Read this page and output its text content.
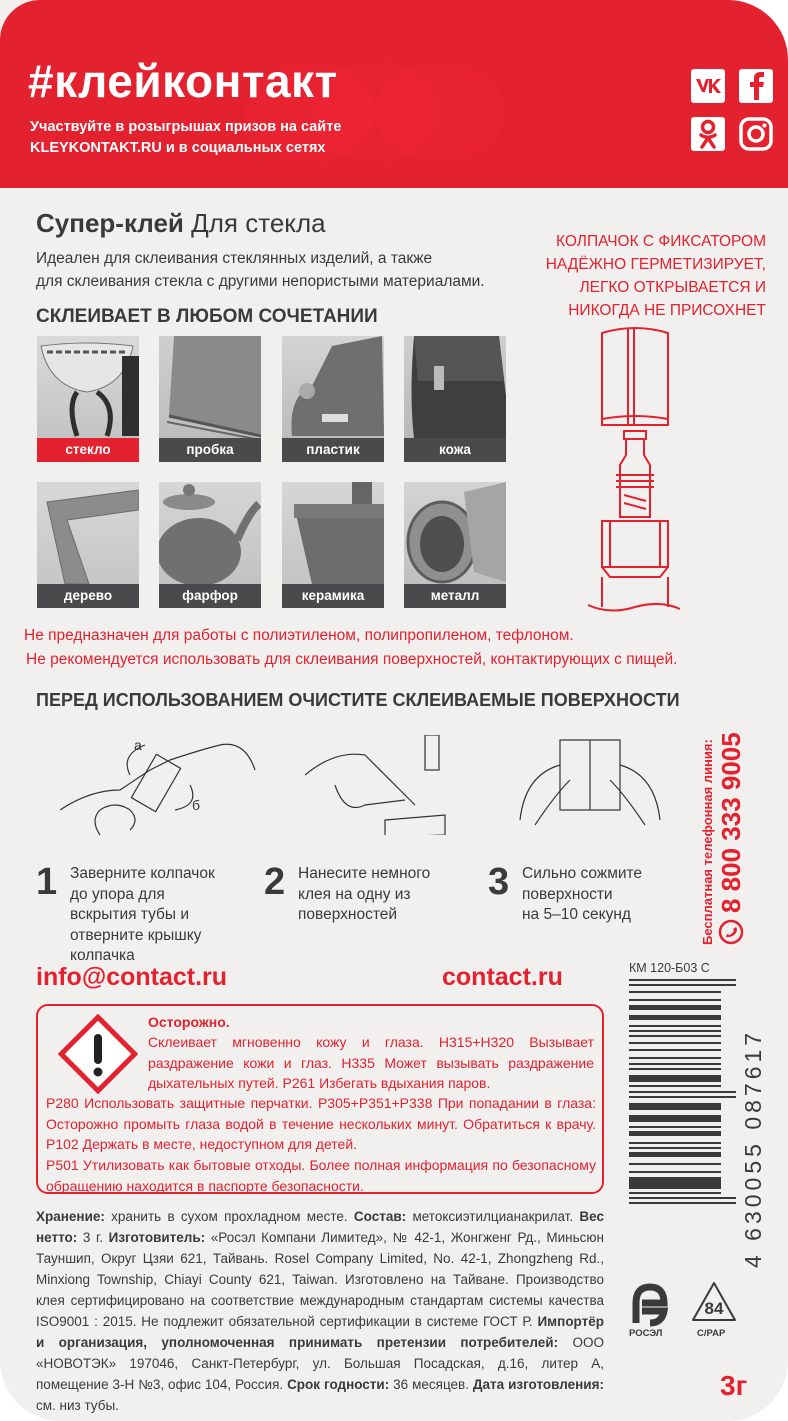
#клейконтакт
Участвуйте в розыгрышах призов на сайте
KLEYKONTAKT.RU и в социальных сетях
Супер-клей Для стекла
Идеален для склеивания стеклянных изделий, а также
для склеивания стекла с другими непористыми материалами.
КОЛПАЧОК С ФИКСАТОРОМ
НАДЁЖНО ГЕРМЕТИЗИРУЕТ,
ЛЕГКО ОТКРЫВАЕТСЯ И
НИКОГДА НЕ ПРИСОХНЕТ
СКЛЕИВАЕТ В ЛЮБОМ СОЧЕТАНИИ
стекло	пробка	пластик	кожа
дерево	фарфор	керамика	металл
Не предназначен для работы с полиэтиленом, полипропиленом, тефлоном.
Не рекомендуется использовать для склеивания поверхностей, контактирующих с пищей.
ПЕРЕД ИСПОЛЬЗОВАНИЕМ ОЧИСТИТЕ СКЛЕИВАЕМЫЕ ПОВЕРХНОСТИ
Бесплатная телефонная линия: 8 800 333 9005
а
б
1 Заверните колпачок
до упора для
вскрытия тубы и
отверните крышку
колпачка
2 Нанесите немного
клея на одну из
поверхностей
3 Сильно сожмите
поверхности
на 5–10 секунд
info@contact.ru	contact.ru
Осторожно.
Склеивает мгновенно кожу и глаза. H315+H320 Вызывает раздражение кожи и глаз. H335 Может вызывать раздражение дыхательных путей. P261 Избегать вдыхания паров.
P280 Использовать защитные перчатки. P305+P351+P338 При попадании в глаза: Осторожно промыть глаза водой в течение нескольких минут. Обратиться к врачу. P102 Держать в месте, недоступном для детей.
P501 Утилизовать как бытовые отходы. Более полная информация по безопасному обращению находится в паспорте безопасности.
Хранение: хранить в сухом прохладном месте. Состав: метоксиэтилцианакрилат. Вес нетто: 3 г. Изготовитель: «Росэл Компани Лимитед», № 42-1, Жонгженг Рд., Миньсюн Тауншип, Округ Цзяи 621, Тайвань. Rosel Company Limited, No. 42-1, Zhongzheng Rd., Minxiong Township, Chiayi County 621, Taiwan. Изготовлено на Тайване. Производство клея сертифицировано на соответствие международным стандартам системы качества ISO9001 : 2015. Не подлежит обязательной сертификации в системе ГОСТ Р. Импортёр и организация, уполномоченная принимать претензии потребителей: ООО «НОВОТЭК» 197046, Санкт-Петербург, ул. Большая Посадская, д.16, литер А, помещение 3-Н №3, офис 104, Россия. Срок годности: 36 месяцев. Дата изготовления: см. низ тубы.
КМ 120-Б03 С
4 630055 087617
РОСЭЛ
84
C/PAP
3г
